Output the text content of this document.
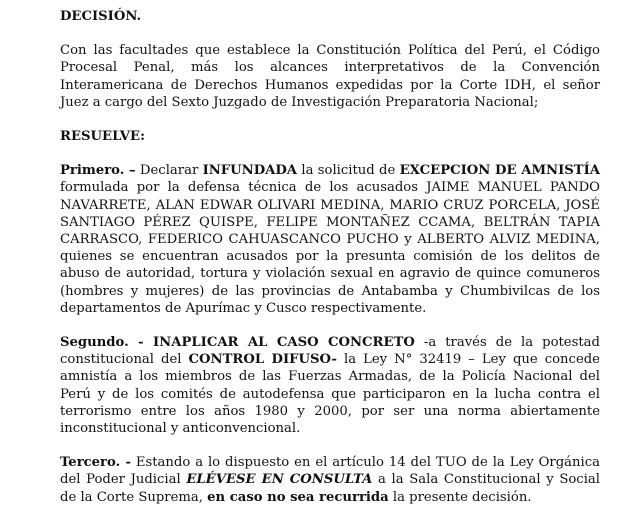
DECISIÓN.

Con las facultades que establece la Constitución Política del Perú, el Código Procesal Penal, más los alcances interpretativos de la Convención Interamericana de Derechos Humanos expedidas por la Corte IDH, el señor Juez a cargo del Sexto Juzgado de Investigación Preparatoria Nacional;

RESUELVE:

Primero. – Declarar INFUNDADA la solicitud de EXCEPCION DE AMNISTÍA formulada por la defensa técnica de los acusados JAIME MANUEL PANDO NAVARRETE, ALAN EDWAR OLIVARI MEDINA, MARIO CRUZ PORCELA, JOSÉ SANTIAGO PÉREZ QUISPE, FELIPE MONTAÑEZ CCAMA, BELTRÁN TAPIA CARRASCO, FEDERICO CAHUASCANCO PUCHO y ALBERTO ALVIZ MEDINA, quienes se encuentran acusados por la presunta comisión de los delitos de abuso de autoridad, tortura y violación sexual en agravio de quince comuneros (hombres y mujeres) de las provincias de Antabamba y Chumbivilcas de los departamentos de Apurímac y Cusco respectivamente.

Segundo. - INAPLICAR AL CASO CONCRETO -a través de la potestad constitucional del CONTROL DIFUSO- la Ley N° 32419 – Ley que concede amnistía a los miembros de las Fuerzas Armadas, de la Policía Nacional del Perú y de los comités de autodefensa que participaron en la lucha contra el terrorismo entre los años 1980 y 2000, por ser una norma abiertamente inconstitucional y anticonvencional.

Tercero. - Estando a lo dispuesto en el artículo 14 del TUO de la Ley Orgánica del Poder Judicial ELÉVESE EN CONSULTA a la Sala Constitucional y Social de la Corte Suprema, en caso no sea recurrida la presente decisión.
